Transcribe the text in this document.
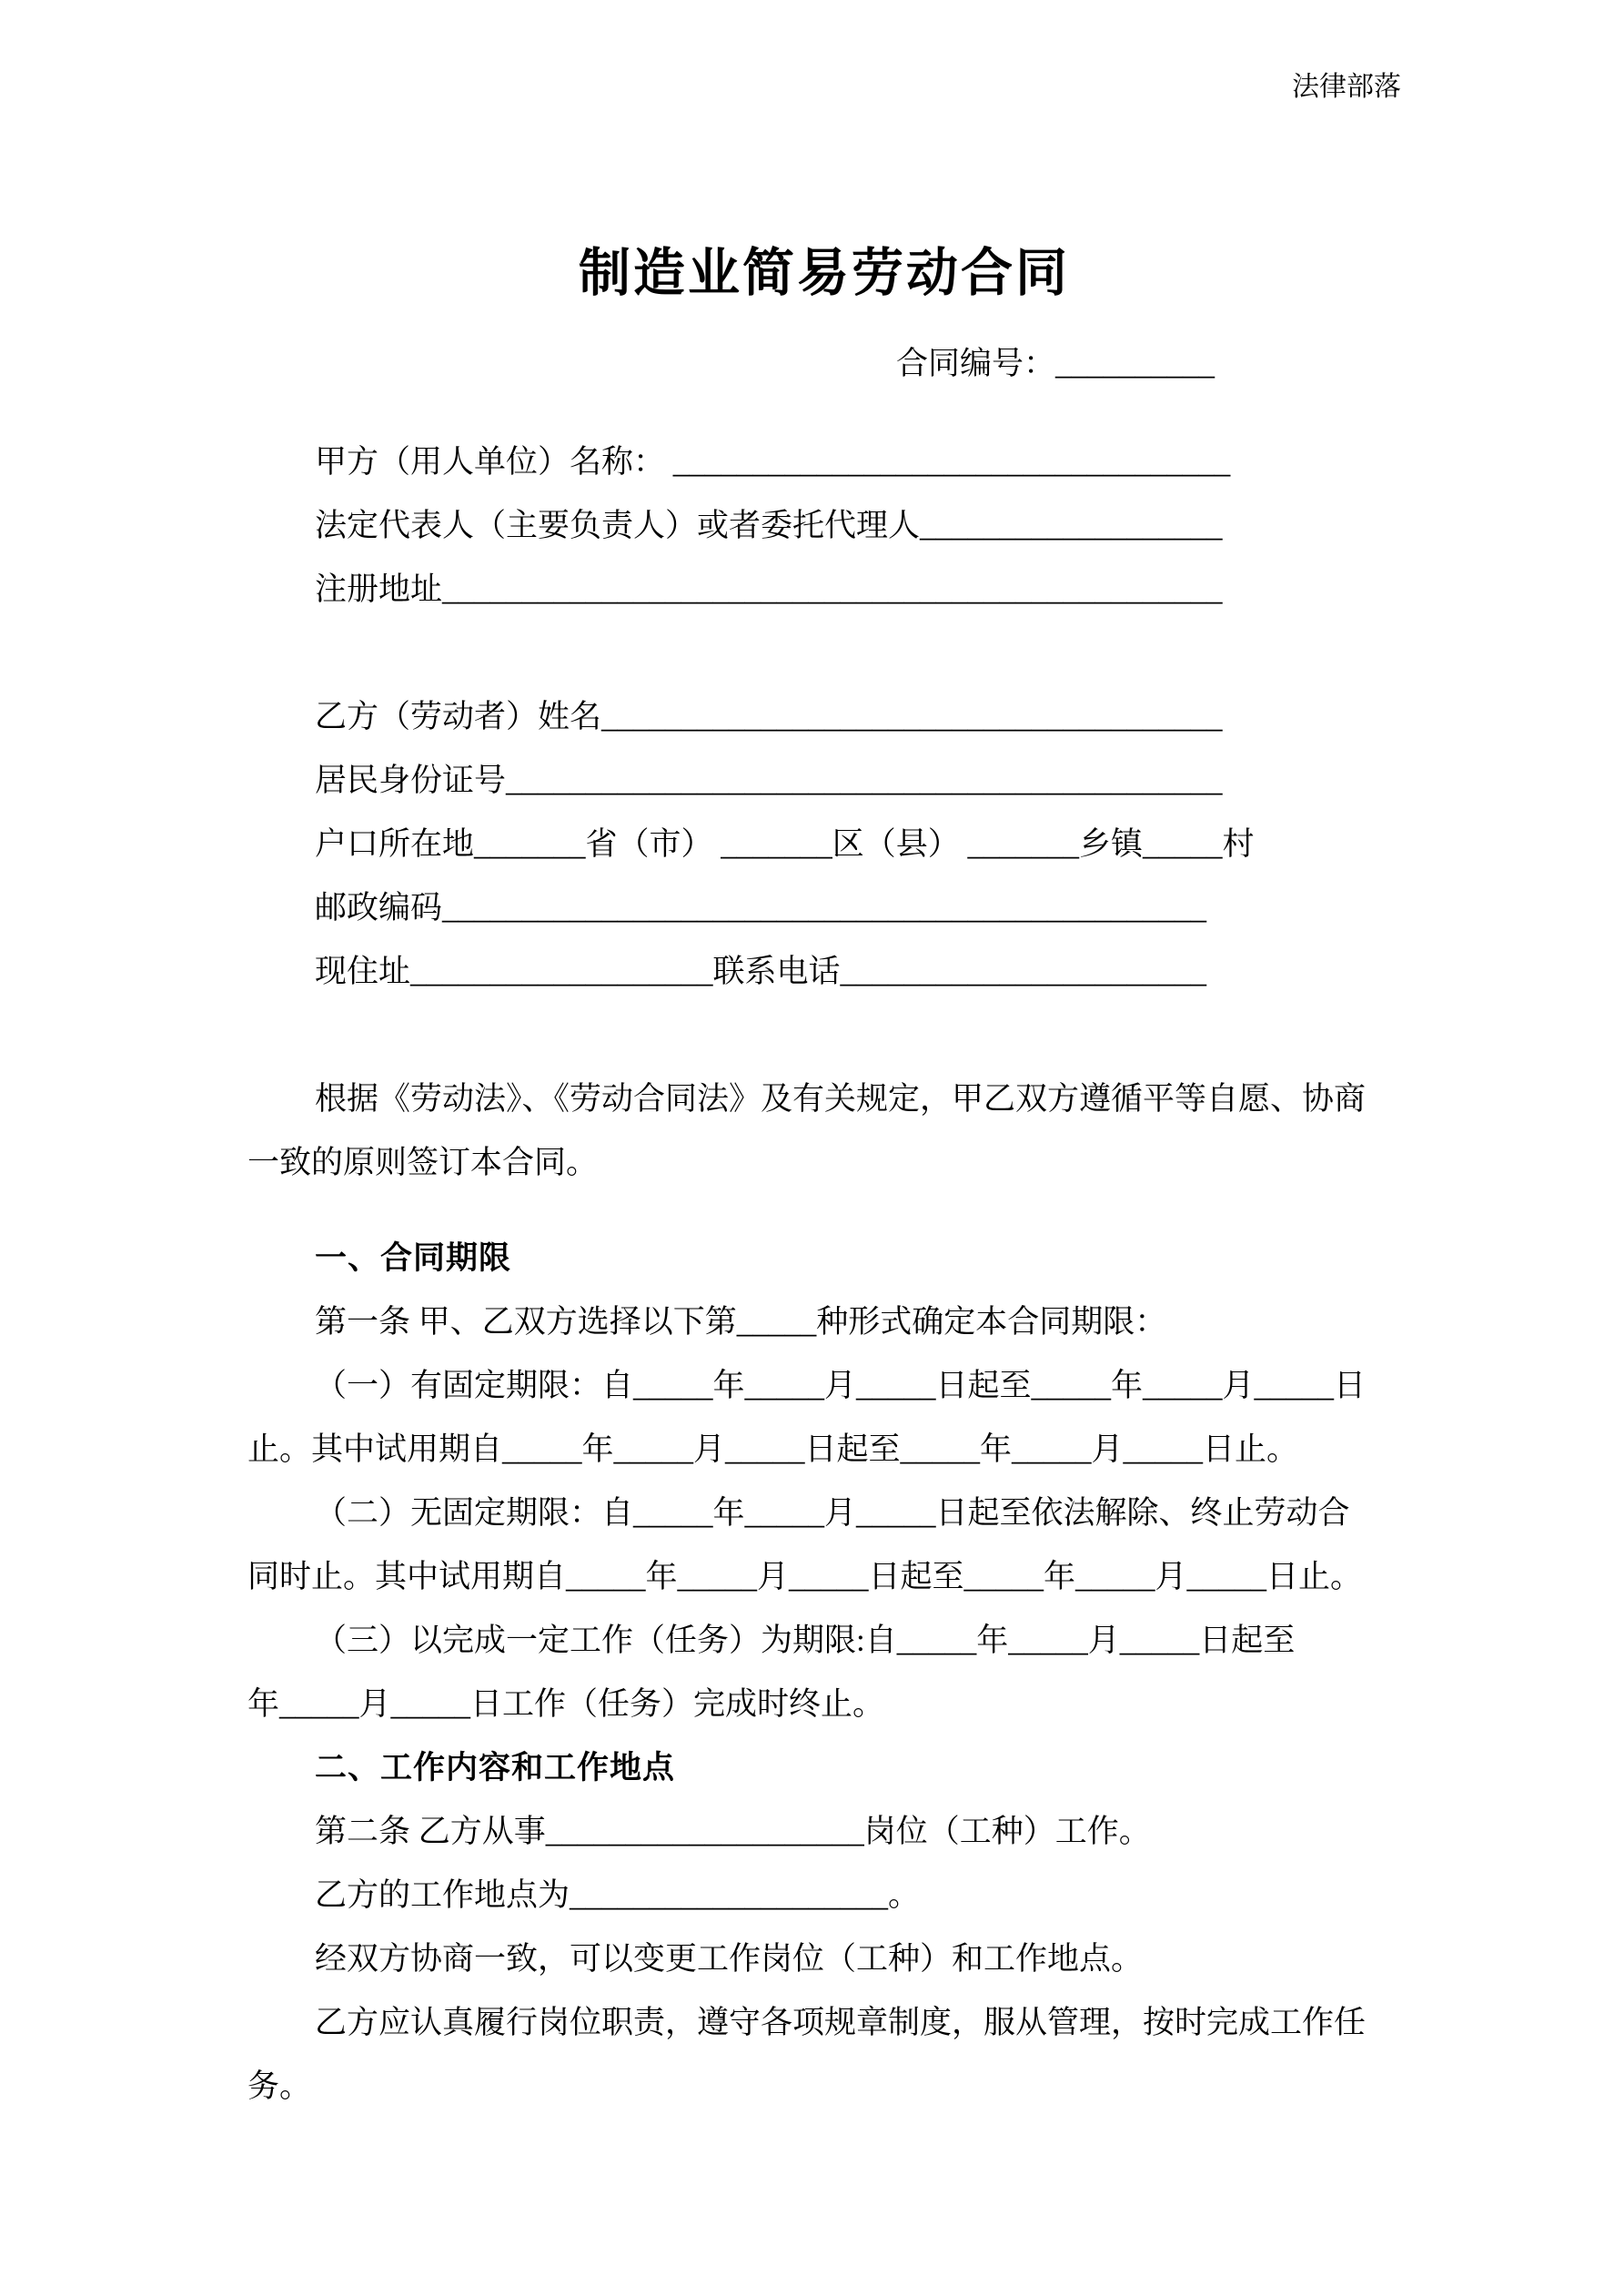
法律部落
制造业简易劳动合同

合同编号：__________

甲方（用人单位）名称： ___________________________________

法定代表人（主要负责人）或者委托代理人___________________

注册地址_________________________________________________

乙方（劳动者）姓名_______________________________________

居民身份证号_____________________________________________

户口所在地_______省（市） _______区（县） _______乡镇_____村

邮政编码________________________________________________

现住址___________________联系电话_______________________

根据《劳动法》、《劳动合同法》及有关规定，甲乙双方遵循平等自愿、协商

一致的原则签订本合同。

一、合同期限

第一条 甲、乙双方选择以下第_____种形式确定本合同期限：

（一）有固定期限：自_____年_____月_____日起至_____年_____月_____日

止。其中试用期自_____年_____月_____日起至_____年_____月_____日止。

（二）无固定期限：自_____年_____月_____日起至依法解除、终止劳动合

同时止。其中试用期自_____年_____月_____日起至_____年_____月_____日止。

（三）以完成一定工作（任务）为期限:自_____年_____月_____日起至

年_____月_____日工作（任务）完成时终止。

二、工作内容和工作地点

第二条 乙方从事____________________岗位（工种）工作。

乙方的工作地点为____________________。

经双方协商一致，可以变更工作岗位（工种）和工作地点。

乙方应认真履行岗位职责，遵守各项规章制度，服从管理，按时完成工作任

务。
